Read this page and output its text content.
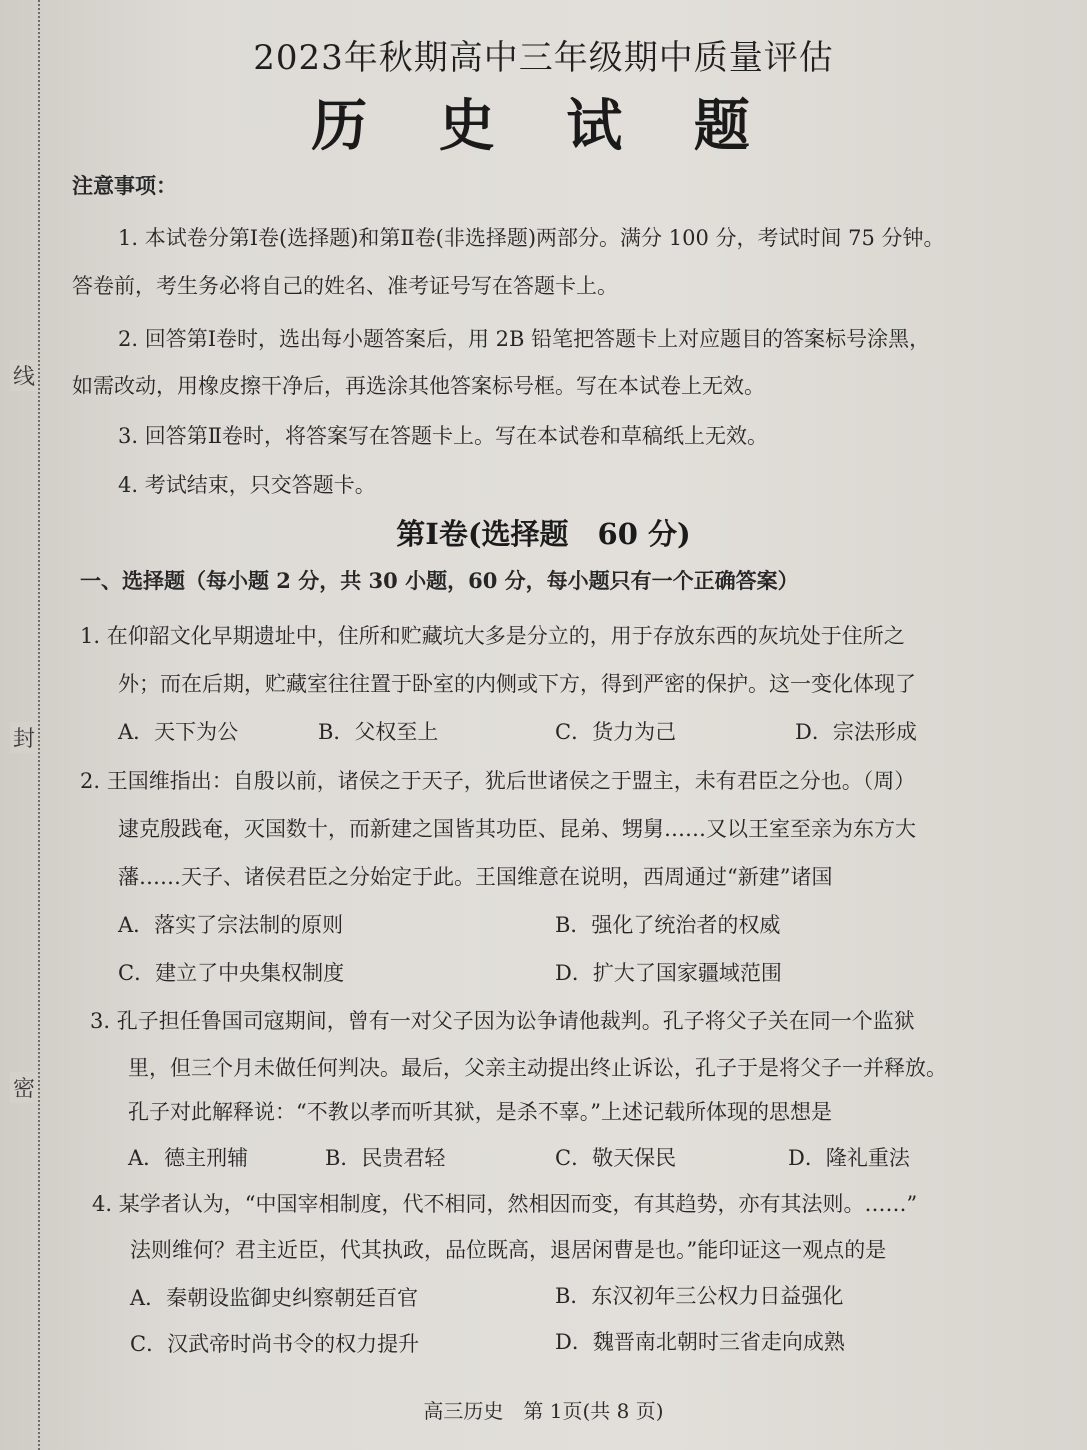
线
封
密
2023年秋期高中三年级期中质量评估
历 史 试 题
注意事项：
1. 本试卷分第Ⅰ卷(选择题)和第Ⅱ卷(非选择题)两部分。满分 100 分，考试时间 75 分钟。
答卷前，考生务必将自己的姓名、准考证号写在答题卡上。
2. 回答第Ⅰ卷时，选出每小题答案后，用 2B 铅笔把答题卡上对应题目的答案标号涂黑，
如需改动，用橡皮擦干净后，再选涂其他答案标号框。写在本试卷上无效。
3. 回答第Ⅱ卷时，将答案写在答题卡上。写在本试卷和草稿纸上无效。
4. 考试结束，只交答题卡。
第Ⅰ卷(选择题　60 分)
一、选择题（每小题 2 分，共 30 小题，60 分，每小题只有一个正确答案）
1. 在仰韶文化早期遗址中，住所和贮藏坑大多是分立的，用于存放东西的灰坑处于住所之
外；而在后期，贮藏室往往置于卧室的内侧或下方，得到严密的保护。这一变化体现了
A．天下为公	B．父权至上	C．货力为己	D．宗法形成
2. 王国维指出：自殷以前，诸侯之于天子，犹后世诸侯之于盟主，未有君臣之分也。（周）
逮克殷践奄，灭国数十，而新建之国皆其功臣、昆弟、甥舅……又以王室至亲为东方大
藩……天子、诸侯君臣之分始定于此。王国维意在说明，西周通过“新建”诸国
A．落实了宗法制的原则	B．强化了统治者的权威
C．建立了中央集权制度	D．扩大了国家疆域范围
3. 孔子担任鲁国司寇期间，曾有一对父子因为讼争请他裁判。孔子将父子关在同一个监狱
里，但三个月未做任何判决。最后，父亲主动提出终止诉讼，孔子于是将父子一并释放。
孔子对此解释说：“不教以孝而听其狱，是杀不辜。”上述记载所体现的思想是
A．德主刑辅	B．民贵君轻	C．敬天保民	D．隆礼重法
4. 某学者认为，“中国宰相制度，代不相同，然相因而变，有其趋势，亦有其法则。……”
法则维何？君主近臣，代其执政，品位既高，退居闲曹是也。”能印证这一观点的是
A．秦朝设监御史纠察朝廷百官	B．东汉初年三公权力日益强化
C．汉武帝时尚书令的权力提升	D．魏晋南北朝时三省走向成熟
高三历史　第 1页(共 8 页)
